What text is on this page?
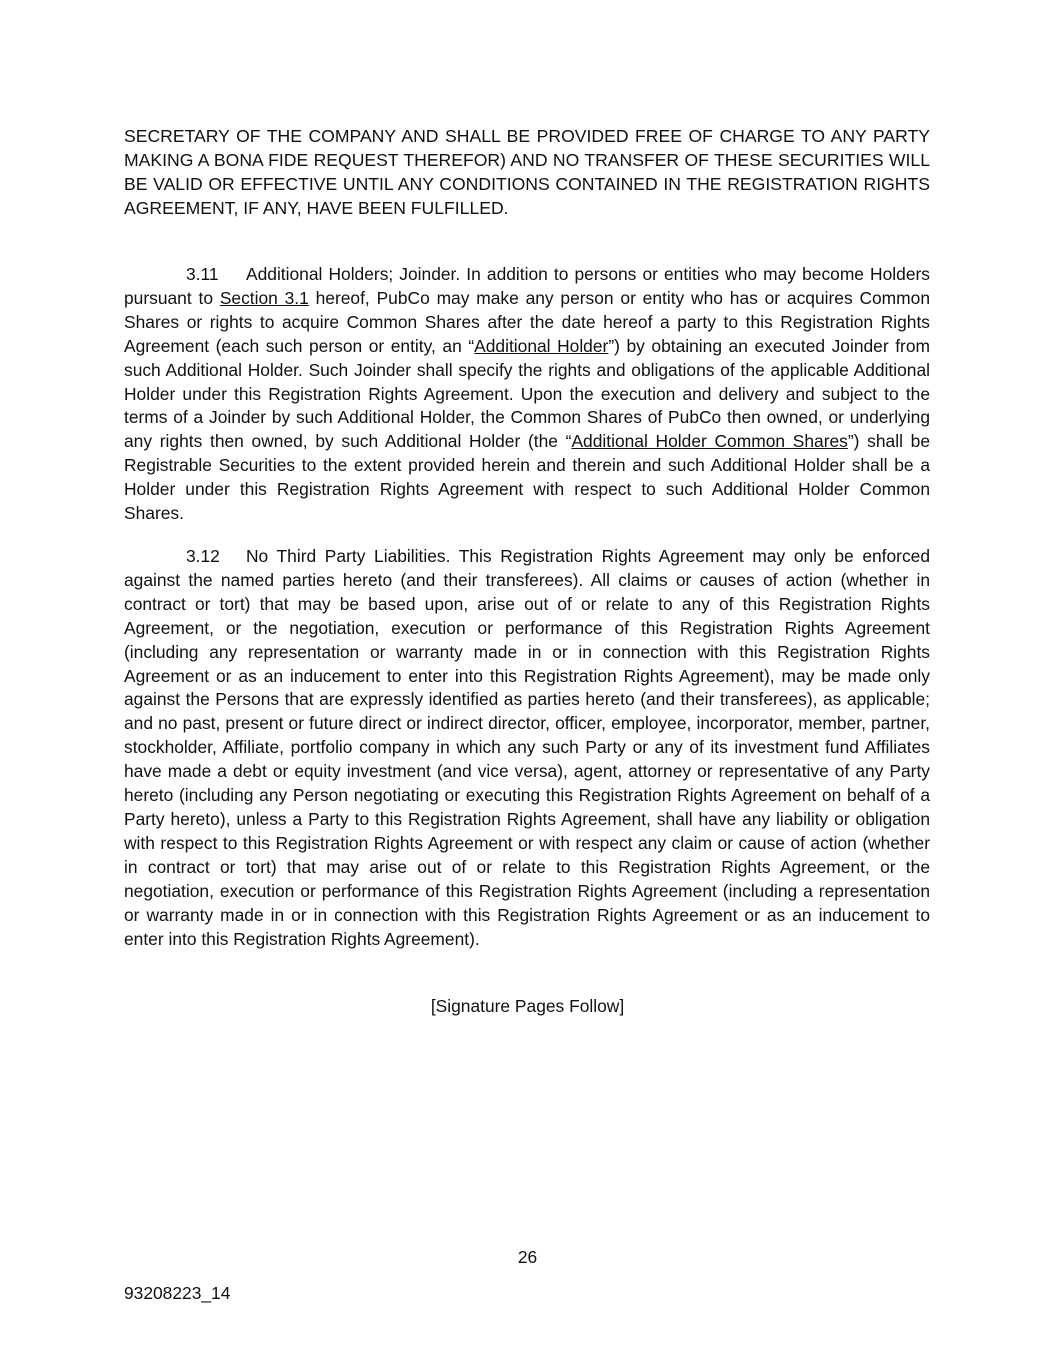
SECRETARY OF THE COMPANY AND SHALL BE PROVIDED FREE OF CHARGE TO ANY PARTY MAKING A BONA FIDE REQUEST THEREFOR) AND NO TRANSFER OF THESE SECURITIES WILL BE VALID OR EFFECTIVE UNTIL ANY CONDITIONS CONTAINED IN THE REGISTRATION RIGHTS AGREEMENT, IF ANY, HAVE BEEN FULFILLED.
3.11 Additional Holders; Joinder. In addition to persons or entities who may become Holders pursuant to Section 3.1 hereof, PubCo may make any person or entity who has or acquires Common Shares or rights to acquire Common Shares after the date hereof a party to this Registration Rights Agreement (each such person or entity, an “Additional Holder”) by obtaining an executed Joinder from such Additional Holder. Such Joinder shall specify the rights and obligations of the applicable Additional Holder under this Registration Rights Agreement. Upon the execution and delivery and subject to the terms of a Joinder by such Additional Holder, the Common Shares of PubCo then owned, or underlying any rights then owned, by such Additional Holder (the “Additional Holder Common Shares”) shall be Registrable Securities to the extent provided herein and therein and such Additional Holder shall be a Holder under this Registration Rights Agreement with respect to such Additional Holder Common Shares.
3.12 No Third Party Liabilities. This Registration Rights Agreement may only be enforced against the named parties hereto (and their transferees). All claims or causes of action (whether in contract or tort) that may be based upon, arise out of or relate to any of this Registration Rights Agreement, or the negotiation, execution or performance of this Registration Rights Agreement (including any representation or warranty made in or in connection with this Registration Rights Agreement or as an inducement to enter into this Registration Rights Agreement), may be made only against the Persons that are expressly identified as parties hereto (and their transferees), as applicable; and no past, present or future direct or indirect director, officer, employee, incorporator, member, partner, stockholder, Affiliate, portfolio company in which any such Party or any of its investment fund Affiliates have made a debt or equity investment (and vice versa), agent, attorney or representative of any Party hereto (including any Person negotiating or executing this Registration Rights Agreement on behalf of a Party hereto), unless a Party to this Registration Rights Agreement, shall have any liability or obligation with respect to this Registration Rights Agreement or with respect any claim or cause of action (whether in contract or tort) that may arise out of or relate to this Registration Rights Agreement, or the negotiation, execution or performance of this Registration Rights Agreement (including a representation or warranty made in or in connection with this Registration Rights Agreement or as an inducement to enter into this Registration Rights Agreement).
[Signature Pages Follow]
26
93208223_14
